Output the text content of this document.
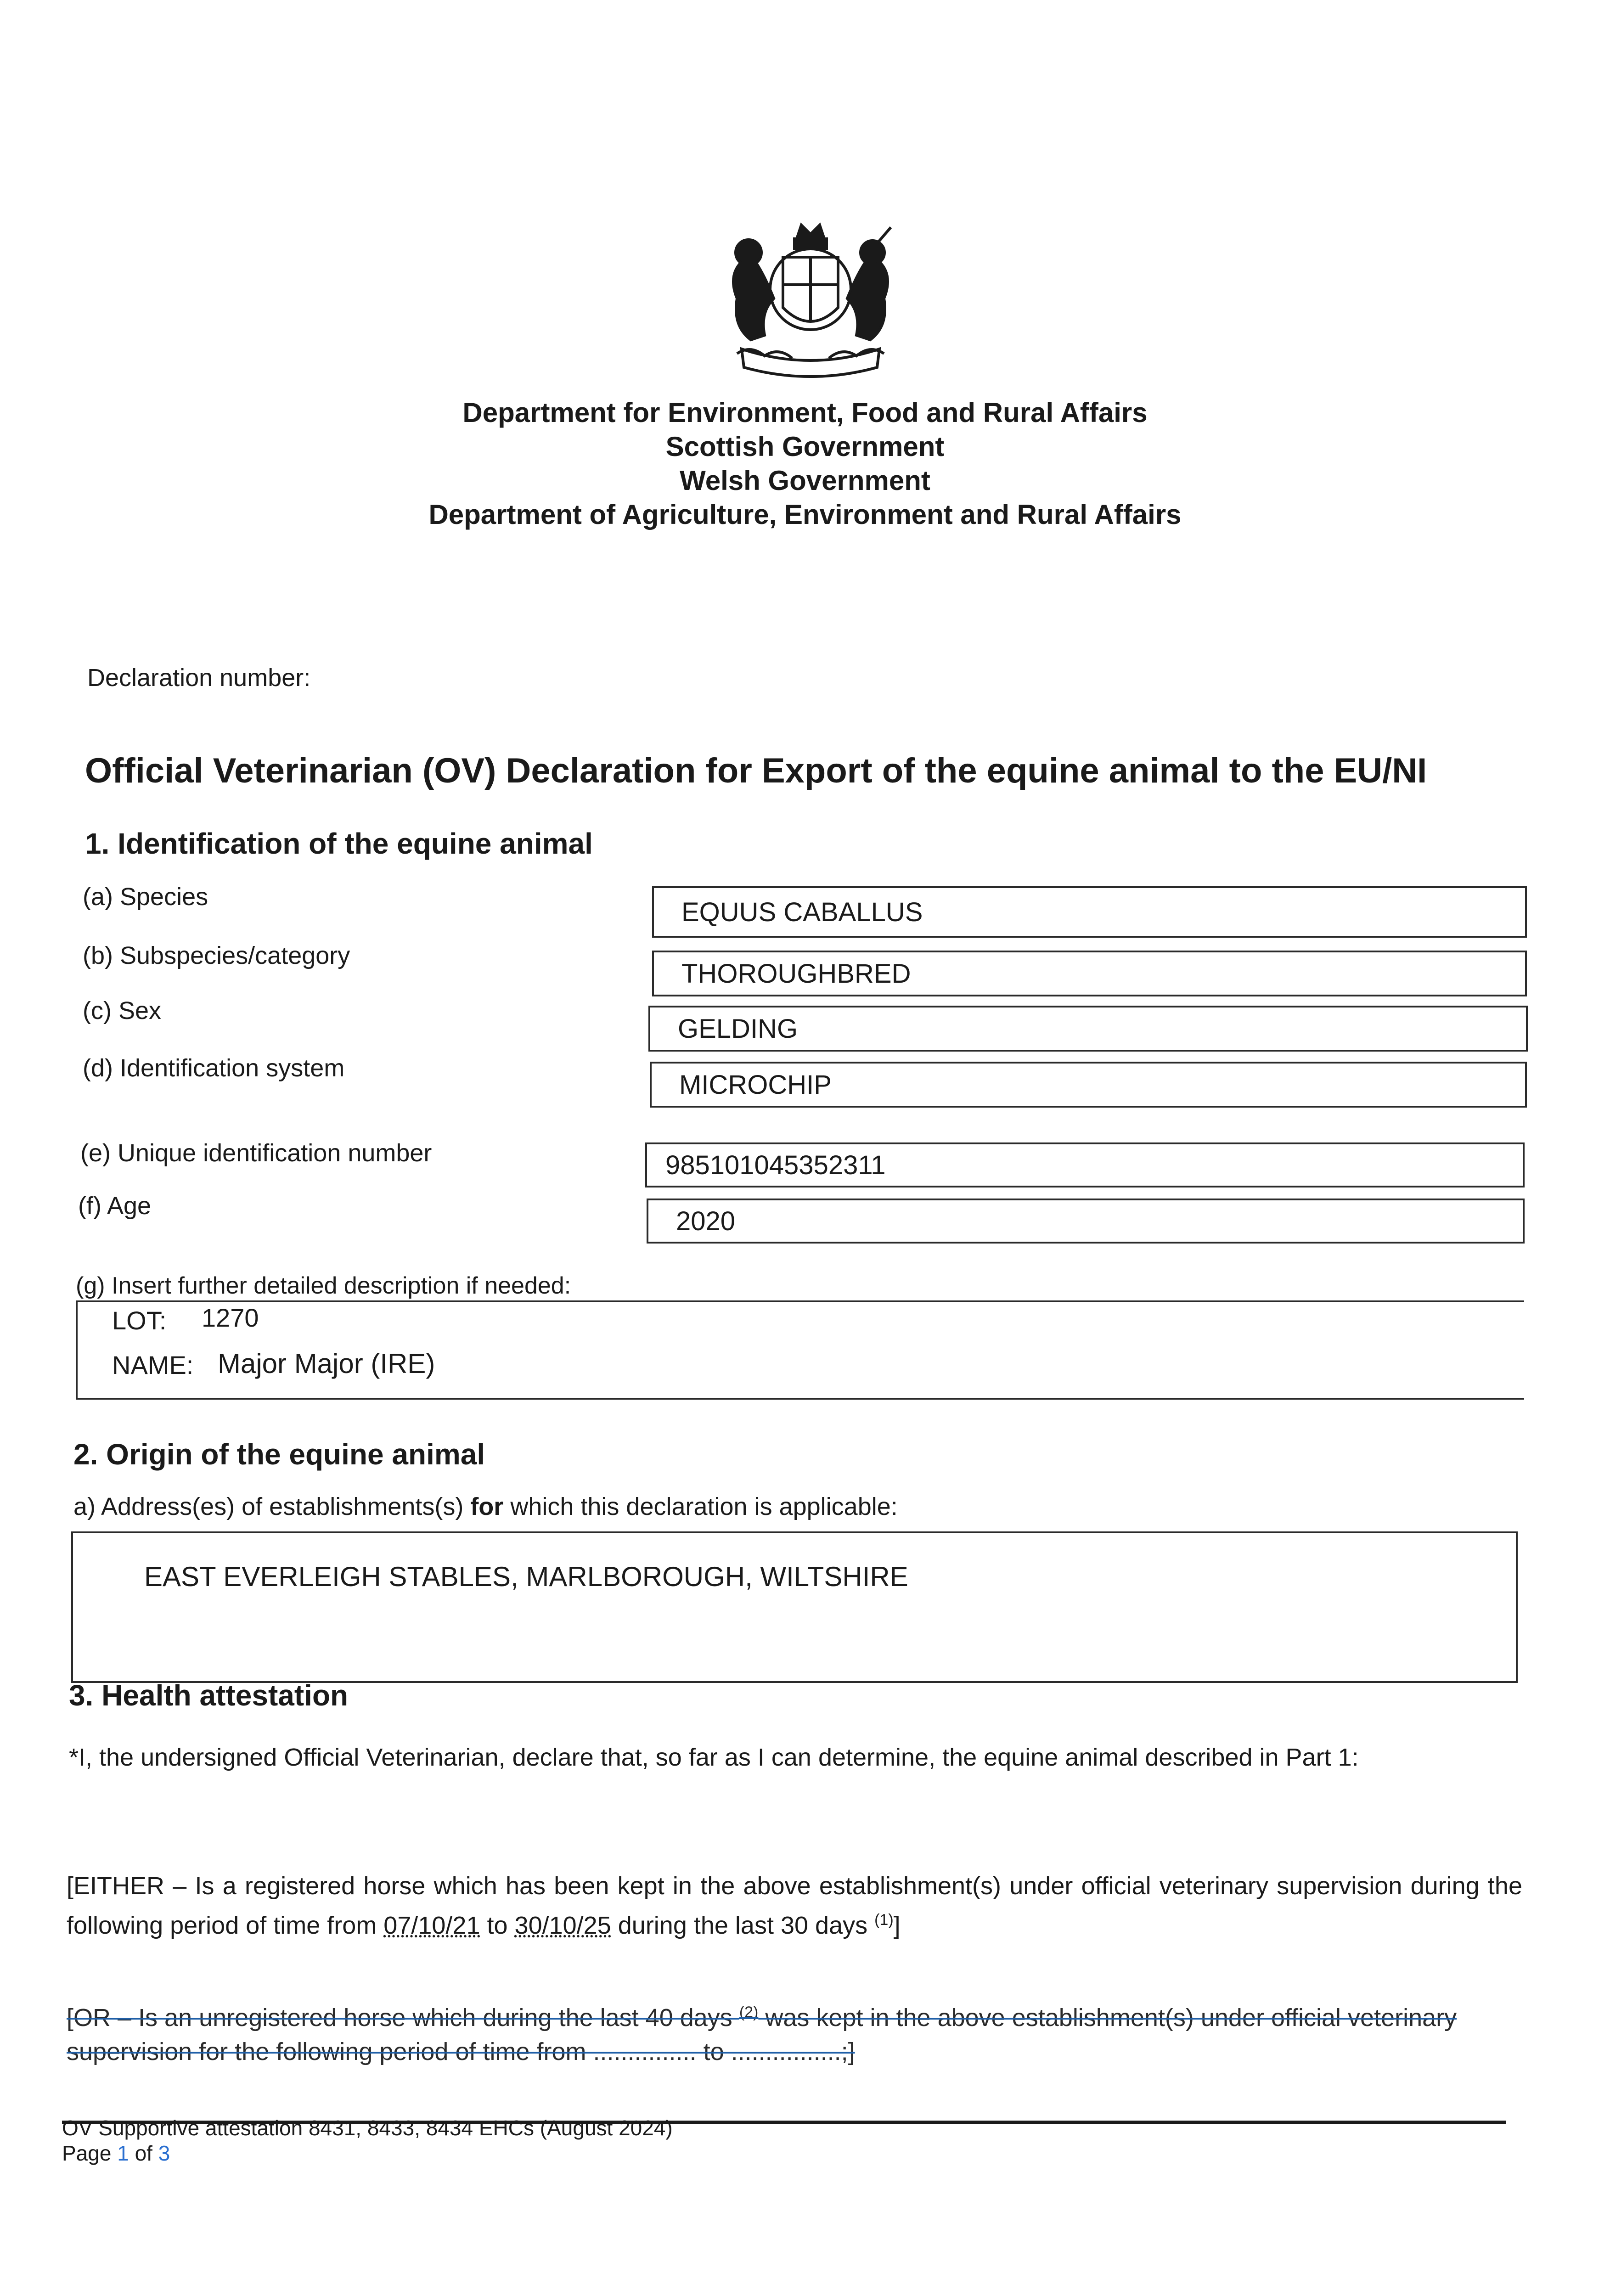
Department for Environment, Food and Rural Affairs
Scottish Government
Welsh Government
Department of Agriculture, Environment and Rural Affairs
Declaration number:
Official Veterinarian (OV) Declaration for Export of the equine animal to the EU/NI
1. Identification of the equine animal
(a) Species
EQUUS CABALLUS
(b) Subspecies/category
THOROUGHBRED
(c) Sex
GELDING
(d) Identification system
MICROCHIP
(e) Unique identification number	985101045352311
(f) Age
2020
(g) Insert further detailed description if needed:
LOT: 1270
NAME: Major Major (IRE)
2. Origin of the equine animal
a) Address(es) of establishments(s) for which this declaration is applicable:
EAST EVERLEIGH STABLES, MARLBOROUGH, WILTSHIRE
3. Health attestation
*I, the undersigned Official Veterinarian, declare that, so far as I can determine, the equine animal described in Part 1:
[EITHER – Is a registered horse which has been kept in the above establishment(s) under official veterinary supervision during the following period of time from 07/10/21 to 30/10/25 during the last 30 days $^{(1)}$]
[OR – Is an unregistered horse which during the last 40 days $^{(2)}$ was kept in the above establishment(s) under official veterinary supervision for the following period of time from ............... to ................;]
OV Supportive attestation 8431, 8433, 8434 EHCs (August 2024)
Page 1 of 3
